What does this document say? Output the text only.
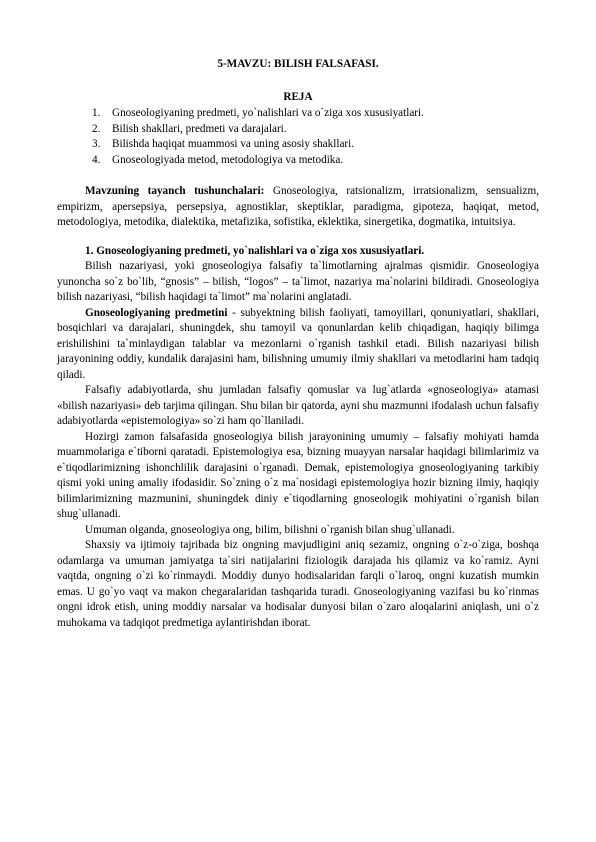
5-MAVZU: BILISH FALSAFASI.
REJA
1. Gnoseologiyaning predmeti, yo`nalishlari va o`ziga xos xususiyatlari.
2. Bilish shakllari, predmeti va darajalari.
3. Bilishda haqiqat muammosi va uning asosiy shakllari.
4. Gnoseologiyada metod, metodologiya va metodika.

Mavzuning tayanch tushunchalari: Gnoseologiya, ratsionalizm, irratsionalizm, sensualizm, empirizm, apersepsiya, persepsiya, agnostiklar, skeptiklar, paradigma, gipoteza, haqiqat, metod, metodologiya, metodika, dialektika, metafizika, sofistika, eklektika, sinergetika, dogmatika, intuitsiya.

1. Gnoseologiyaning predmeti, yo`nalishlari va o`ziga xos xususiyatlari.

Bilish nazariyasi, yoki gnoseologiya falsafiy ta`limotlarning ajralmas qismidir. Gnoseologiya yunoncha so`z bo`lib, “gnosis” – bilish, “logos” – ta`limot, nazariya ma`nolarini bildiradi. Gnoseologiya bilish nazariyasi, “bilish haqidagi ta`limot” ma`nolarini anglatadi.

Gnoseologiyaning predmetini - subyektning bilish faoliyati, tamoyillari, qonuniyatlari, shakllari, bosqichlari va darajalari, shuningdek, shu tamoyil va qonunlardan kelib chiqadigan, haqiqiy bilimga erishilishini ta`minlaydigan talablar va mezonlarni o`rganish tashkil etadi. Bilish nazariyasi bilish jarayonining oddiy, kundalik darajasini ham, bilishning umumiy ilmiy shakllari va metodlarini ham tadqiq qiladi.

Falsafiy adabiyotlarda, shu jumladan falsafiy qomuslar va lug`atlarda «gnoseologiya» atamasi «bilish nazariyasi» deb tarjima qilingan. Shu bilan bir qatorda, ayni shu mazmunni ifodalash uchun falsafiy adabiyotlarda «epistemologiya» so`zi ham qo`llaniladi.

Hozirgi zamon falsafasida gnoseologiya bilish jarayonining umumiy – falsafiy mohiyati hamda muammolariga e`tiborni qaratadi. Epistemologiya esa, bizning muayyan narsalar haqidagi bilimlarimiz va e`tiqodlarimizning ishonchlilik darajasini o`rganadi. Demak, epistemologiya gnoseologiyaning tarkibiy qismi yoki uning amaliy ifodasidir. So`zning o`z ma`nosidagi epistemologiya hozir bizning ilmiy, haqiqiy bilimlarimizning mazmunini, shuningdek diniy e`tiqodlarning gnoseologik mohiyatini o`rganish bilan shug`ullanadi.

Umuman olganda, gnoseologiya ong, bilim, bilishni o`rganish bilan shug`ullanadi.

Shaxsiy va ijtimoiy tajribada biz ongning mavjudligini aniq sezamiz, ongning o`z-o`ziga, boshqa odamlarga va umuman jamiyatga ta`siri natijalarini fiziologik darajada his qilamiz va ko`ramiz. Ayni vaqtda, ongning o`zi ko`rinmaydi. Moddiy dunyo hodisalaridan farqli o`laroq, ongni kuzatish mumkin emas. U go`yo vaqt va makon chegaralaridan tashqarida turadi. Gnoseologiyaning vazifasi bu ko`rinmas ongni idrok etish, uning moddiy narsalar va hodisalar dunyosi bilan o`zaro aloqalarini aniqlash, uni o`z muhokama va tadqiqot predmetiga aylantirishdan iborat.
